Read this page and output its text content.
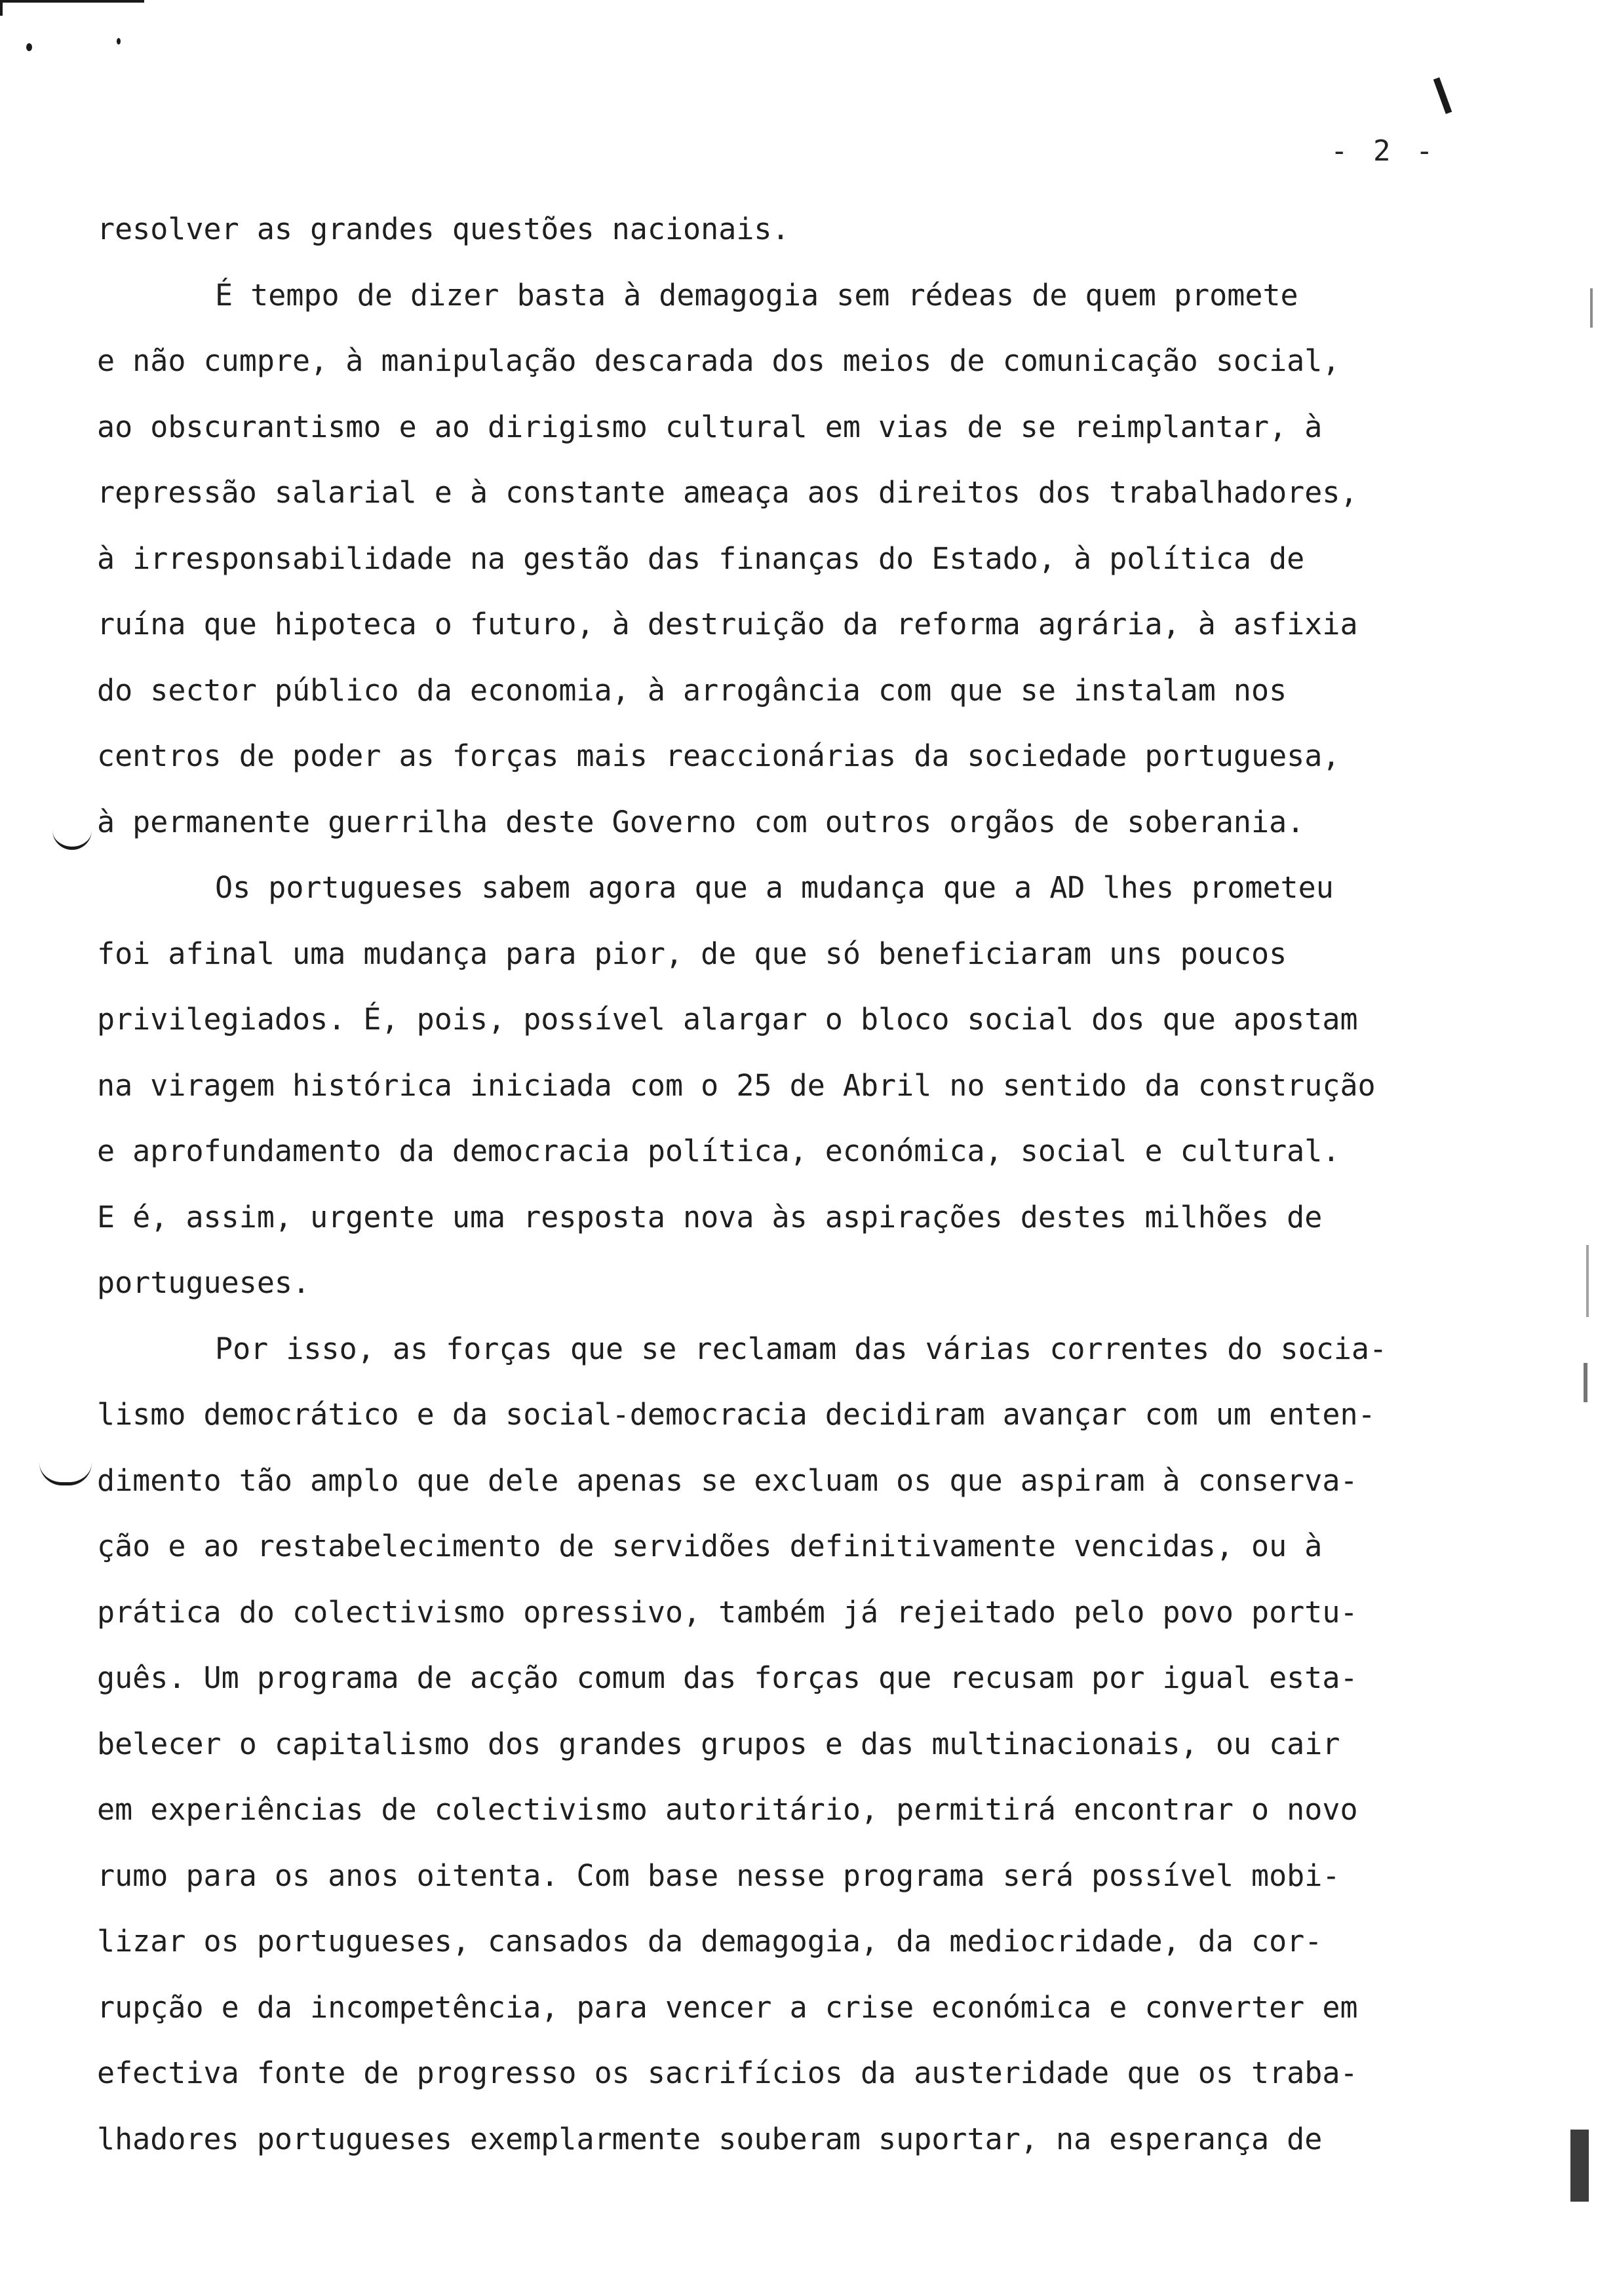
- 2 -
resolver as grandes questões nacionais.
É tempo de dizer basta à demagogia sem rédeas de quem promete
e não cumpre, à manipulação descarada dos meios de comunicação social,
ao obscurantismo e ao dirigismo cultural em vias de se reimplantar, à
repressão salarial e à constante ameaça aos direitos dos trabalhadores,
à irresponsabilidade na gestão das finanças do Estado, à política de
ruína que hipoteca o futuro, à destruição da reforma agrária, à asfixia
do sector público da economia, à arrogância com que se instalam nos
centros de poder as forças mais reaccionárias da sociedade portuguesa,
à permanente guerrilha deste Governo com outros orgãos de soberania.
Os portugueses sabem agora que a mudança que a AD lhes prometeu
foi afinal uma mudança para pior, de que só beneficiaram uns poucos
privilegiados. É, pois, possível alargar o bloco social dos que apostam
na viragem histórica iniciada com o 25 de Abril no sentido da construção
e aprofundamento da democracia política, económica, social e cultural.
E é, assim, urgente uma resposta nova às aspirações destes milhões de
portugueses.
Por isso, as forças que se reclamam das várias correntes do socia-
lismo democrático e da social-democracia decidiram avançar com um enten-
dimento tão amplo que dele apenas se excluam os que aspiram à conserva-
ção e ao restabelecimento de servidões definitivamente vencidas, ou à
prática do colectivismo opressivo, também já rejeitado pelo povo portu-
guês. Um programa de acção comum das forças que recusam por igual esta-
belecer o capitalismo dos grandes grupos e das multinacionais, ou cair
em experiências de colectivismo autoritário, permitirá encontrar o novo
rumo para os anos oitenta. Com base nesse programa será possível mobi-
lizar os portugueses, cansados da demagogia, da mediocridade, da cor-
rupção e da incompetência, para vencer a crise económica e converter em
efectiva fonte de progresso os sacrifícios da austeridade que os traba-
lhadores portugueses exemplarmente souberam suportar, na esperança de
